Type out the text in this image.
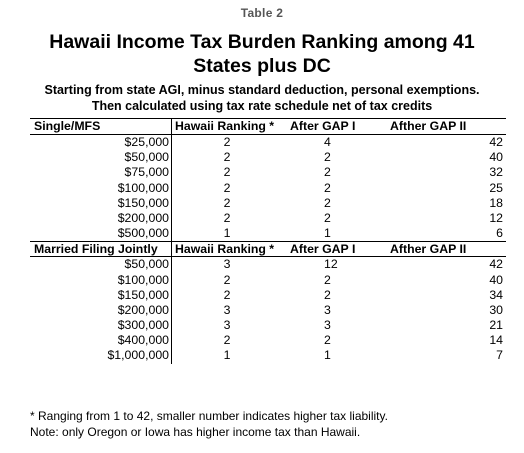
Table 2
Hawaii Income Tax Burden Ranking among 41
States plus DC
Starting from state AGI, minus standard deduction, personal exemptions.
Then calculated using tax rate schedule net of tax credits
Single/MFS	Hawaii Ranking *	After GAP I	Afther GAP II
$25,000	2	4	42
$50,000	2	2	40
$75,000	2	2	32
$100,000	2	2	25
$150,000	2	2	18
$200,000	2	2	12
$500,000	1	1	6
Married Filing Jointly	Hawaii Ranking *	After GAP I	Afther GAP II
$50,000	3	12	42
$100,000	2	2	40
$150,000	2	2	34
$200,000	3	3	30
$300,000	3	3	21
$400,000	2	2	14
$1,000,000	1	1	7
* Ranging from 1 to 42, smaller number indicates higher tax liability.
Note: only Oregon or Iowa has higher income tax than Hawaii.
